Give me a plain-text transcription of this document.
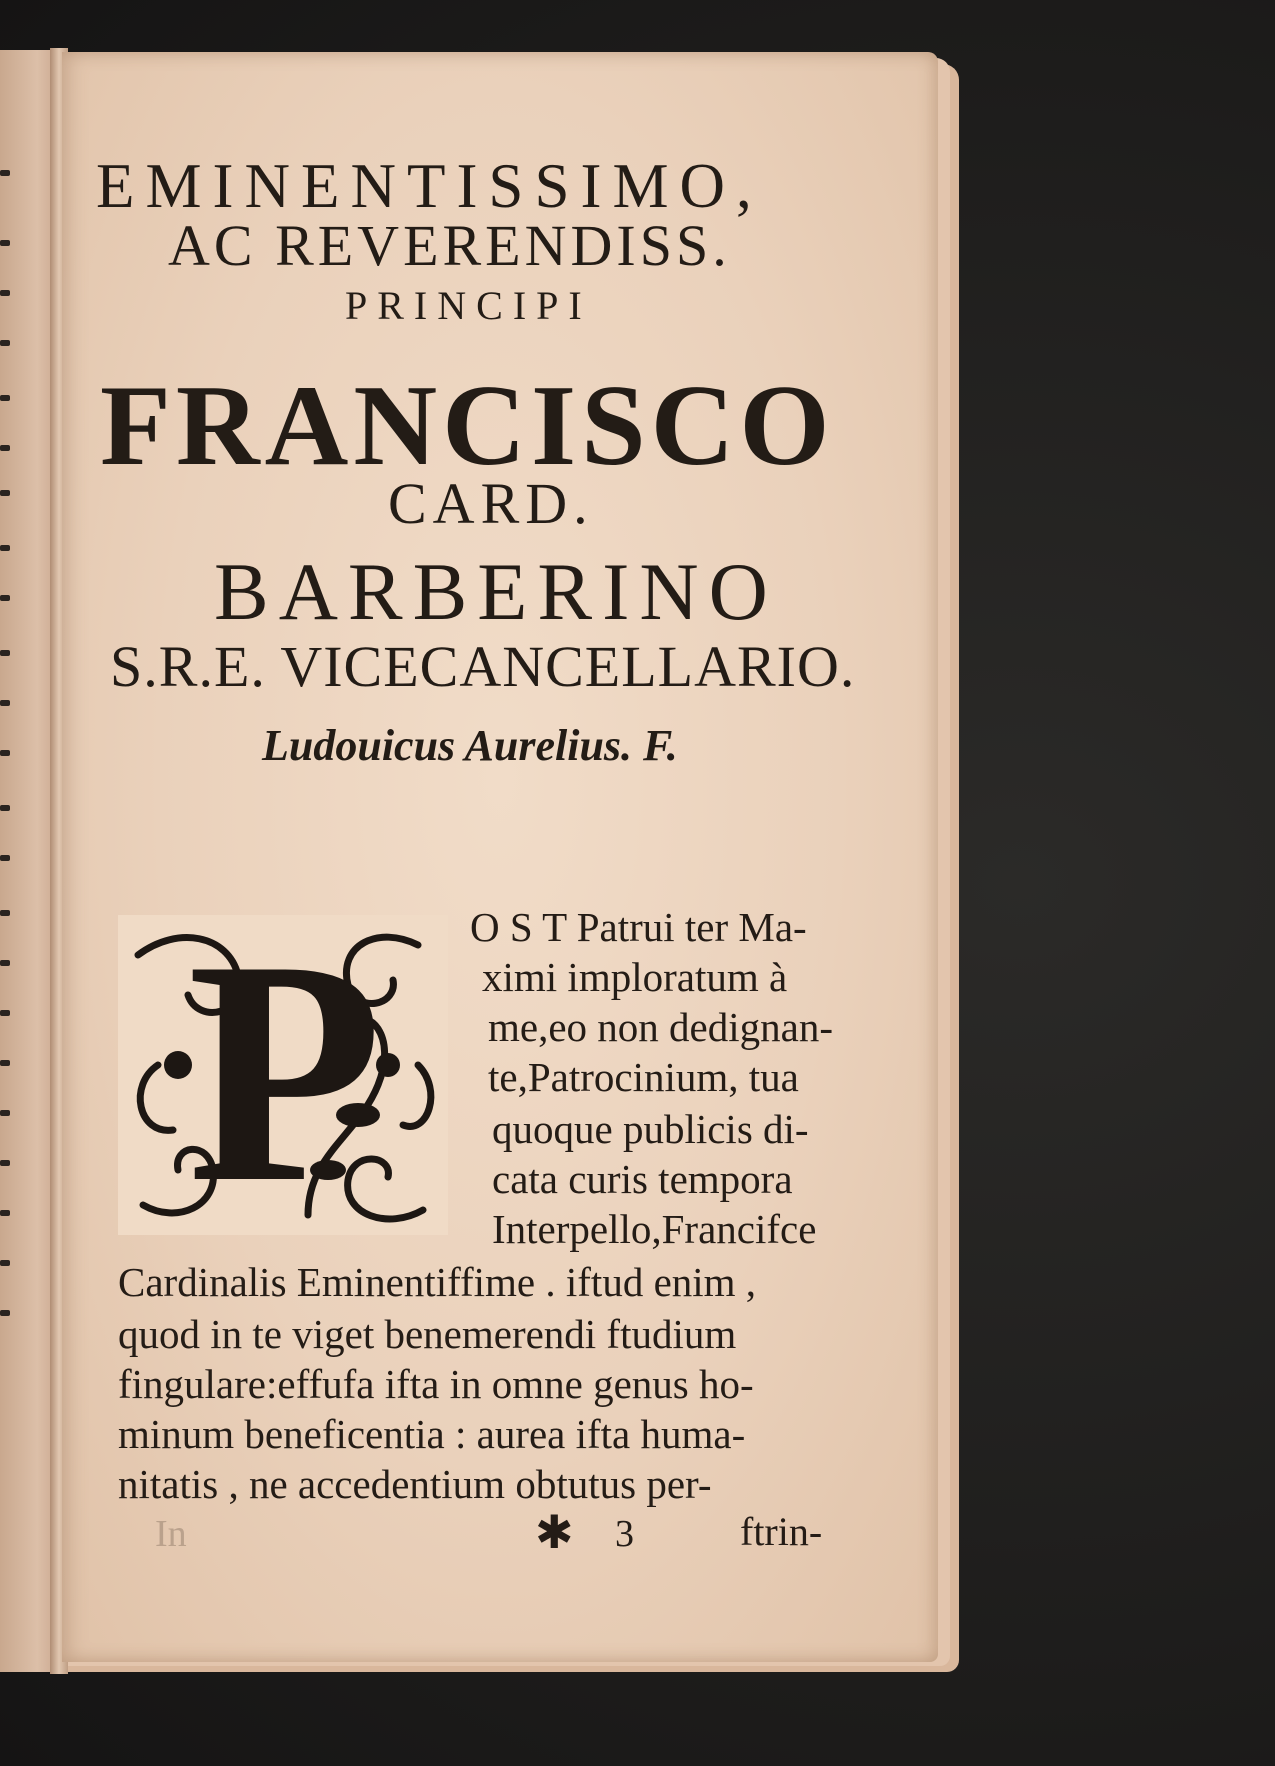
EMINENTISSIMO,
AC REVERENDISS.
PRINCIPI
FRANCISCO
CARD.
BARBERINO
S.R.E. VICECANCELLARIO.
Ludouicus Aurelius. F.
P	O S T Patrui ter Ma-
ximi imploratum à
me,eo non dedignan-
te,Patrocinium, tua
quoque publicis di-
cata curis tempora
Interpello,Francifce
Cardinalis Eminentiffime . iftud enim ,
quod in te viget benemerendi ftudium
fingulare:effufa ifta in omne genus ho-
minum beneficentia : aurea ifta huma-
nitatis , ne accedentium obtutus per-
In	✱ 3	ftrin-
